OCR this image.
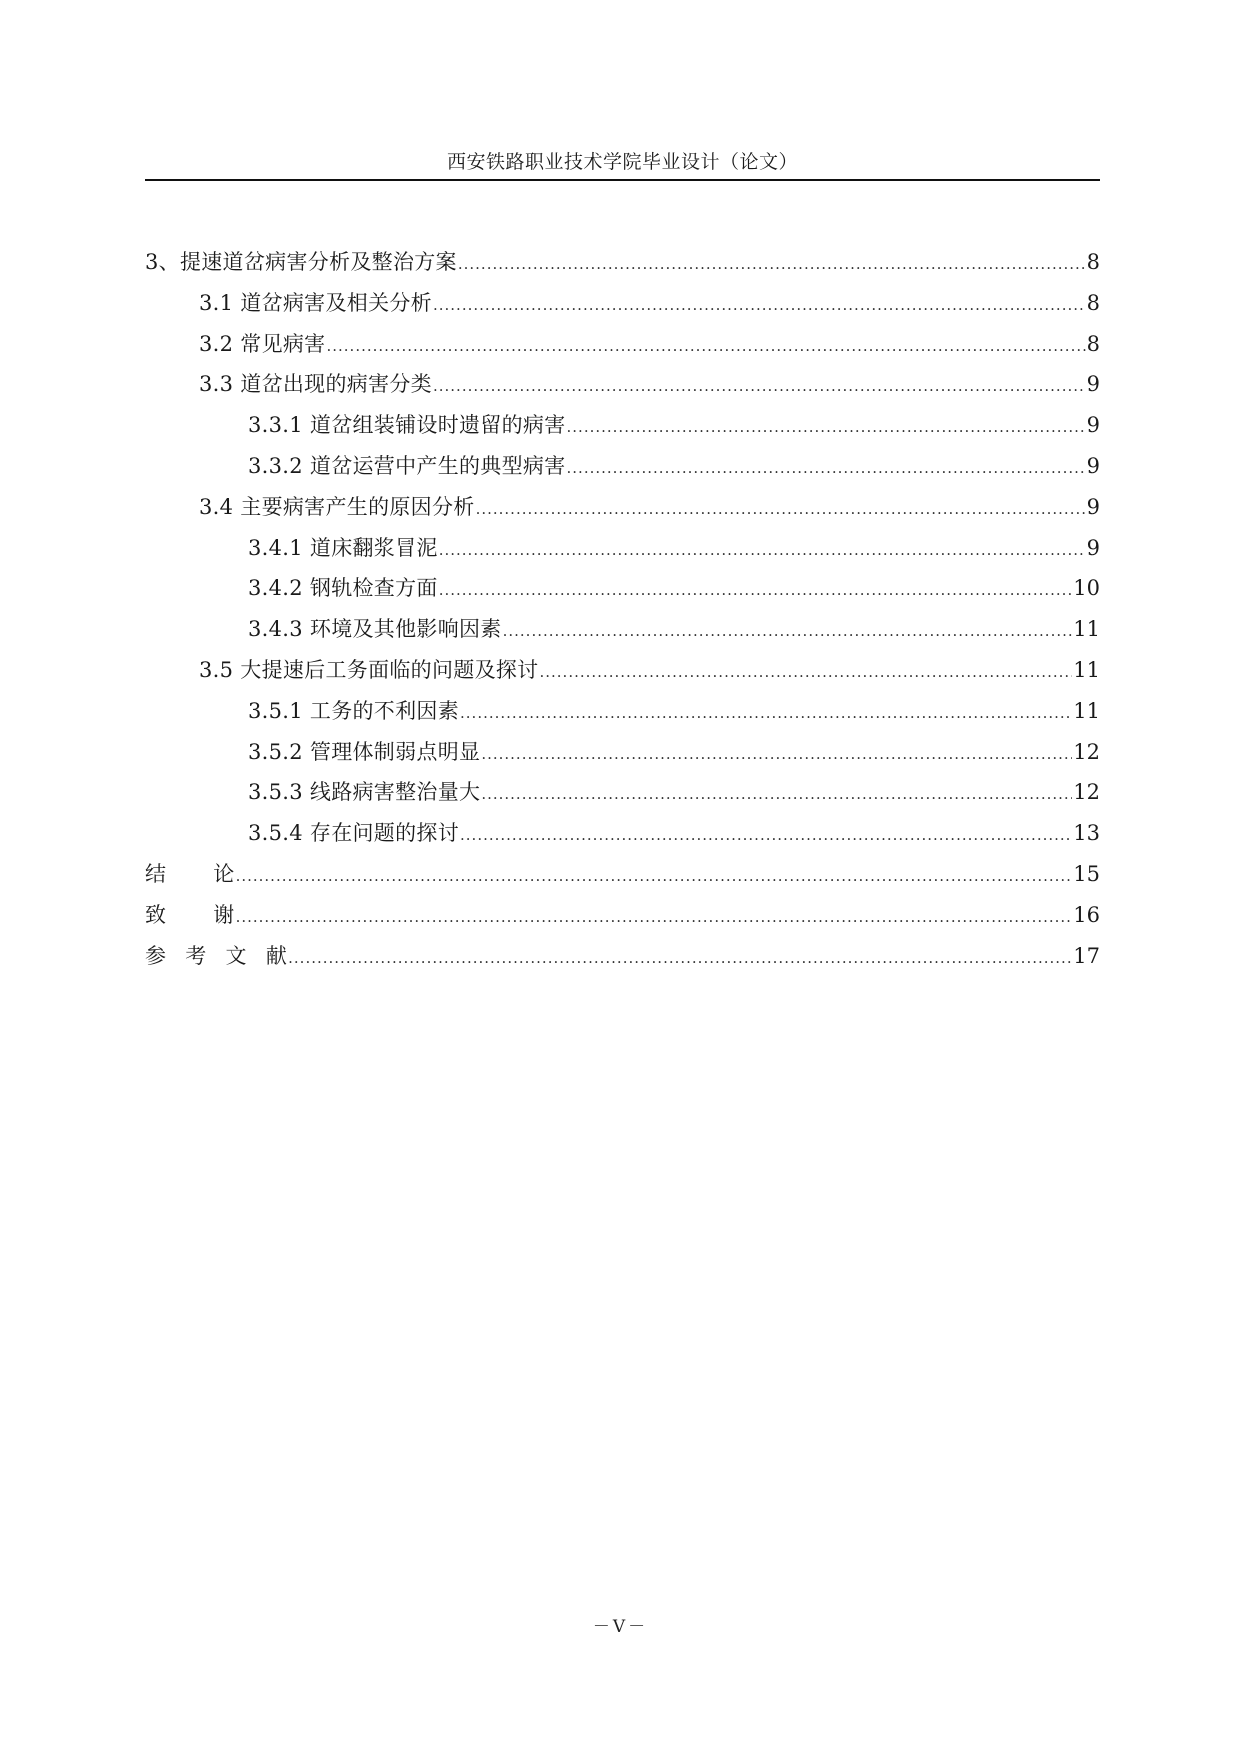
西安铁路职业技术学院毕业设计（论文）
3、提速道岔病害分析及整治方案 .....	8
3.1 道岔病害及相关分析 .....	8
3.2 常见病害 .....	8
3.3 道岔出现的病害分类 .....	9
3.3.1 道岔组装铺设时遗留的病害 .....	9
3.3.2 道岔运营中产生的典型病害 .....	9
3.4 主要病害产生的原因分析 .....	9
3.4.1 道床翻浆冒泥 .....	9
3.4.2 钢轨检查方面 .....	10
3.4.3 环境及其他影响因素 .....	11
3.5 大提速后工务面临的问题及探讨 .....	11
3.5.1 工务的不利因素 .....	11
3.5.2 管理体制弱点明显 .....	12
3.5.3 线路病害整治量大 .....	12
3.5.4 存在问题的探讨 .....	13
结 论 .....	15
致 谢 .....	16
参 考 文 献 .....	17
－V－
